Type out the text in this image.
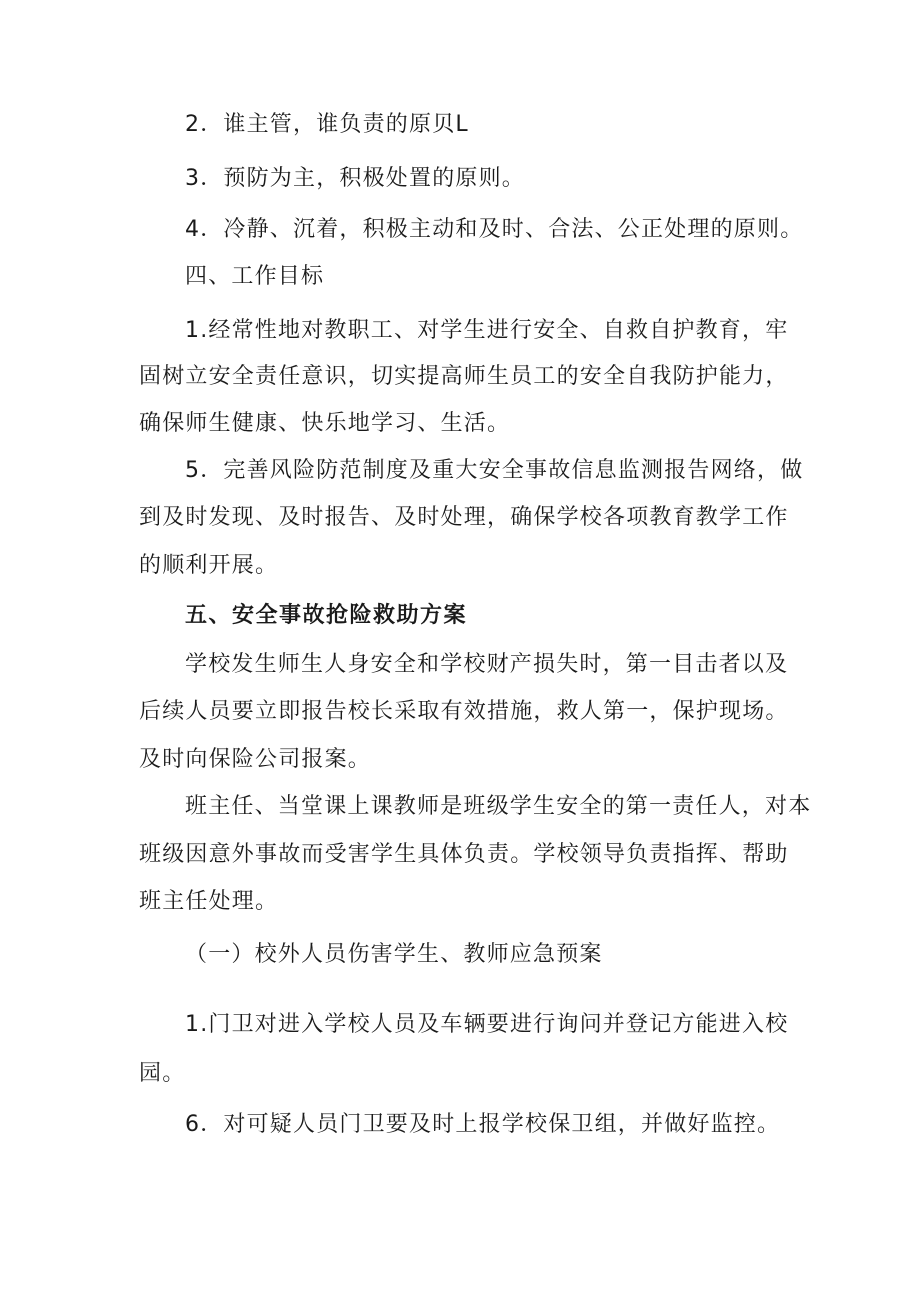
2．谁主管，谁负责的原贝L
3．预防为主，积极处置的原则。
4．冷静、沉着，积极主动和及时、合法、公正处理的原则。
四、工作目标
1.经常性地对教职工、对学生进行安全、自救自护教育，牢
固树立安全责任意识，切实提高师生员工的安全自我防护能力，
确保师生健康、快乐地学习、生活。
5．完善风险防范制度及重大安全事故信息监测报告网络，做
到及时发现、及时报告、及时处理，确保学校各项教育教学工作
的顺利开展。
五、安全事故抢险救助方案
学校发生师生人身安全和学校财产损失时，第一目击者以及
后续人员要立即报告校长采取有效措施，救人第一，保护现场。
及时向保险公司报案。
班主任、当堂课上课教师是班级学生安全的第一责任人，对本
班级因意外事故而受害学生具体负责。学校领导负责指挥、帮助
班主任处理。
（一）校外人员伤害学生、教师应急预案
1.门卫对进入学校人员及车辆要进行询问并登记方能进入校
园。
6．对可疑人员门卫要及时上报学校保卫组，并做好监控。
